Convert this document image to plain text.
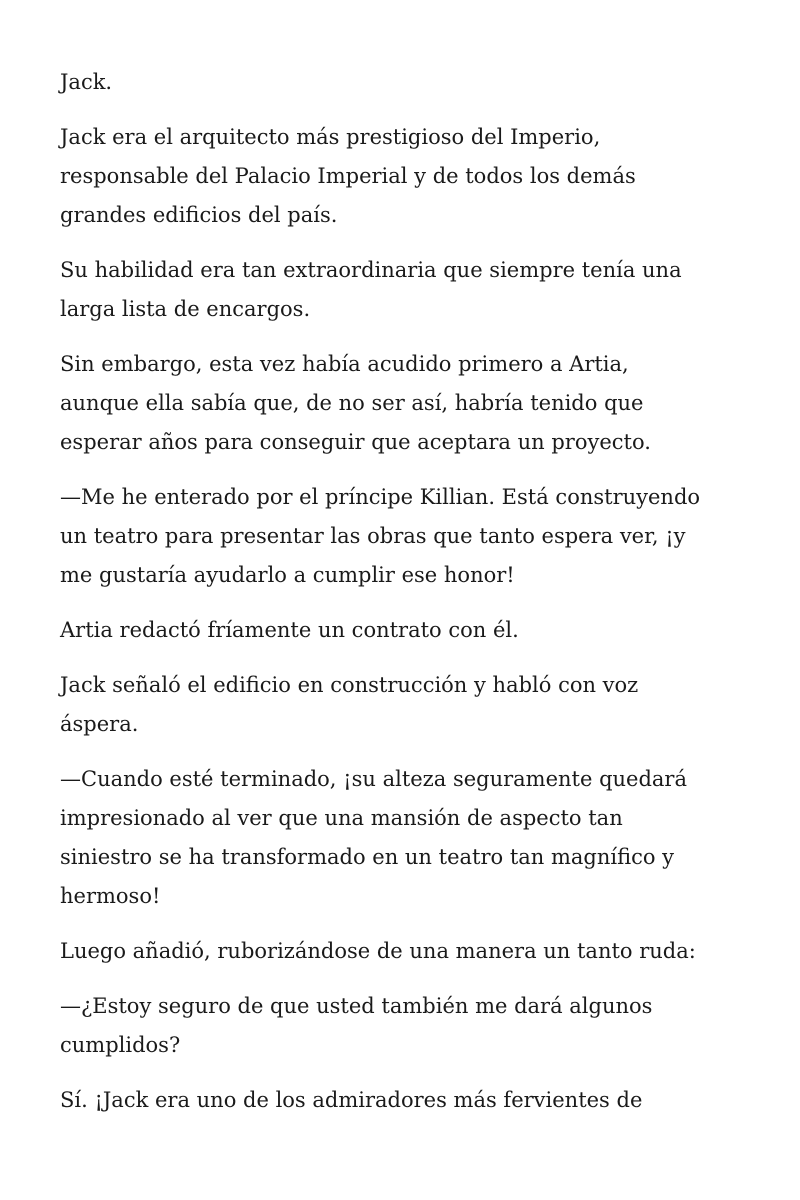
Jack.

Jack era el arquitecto más prestigioso del Imperio,
responsable del Palacio Imperial y de todos los demás
grandes edificios del país.

Su habilidad era tan extraordinaria que siempre tenía una
larga lista de encargos.

Sin embargo, esta vez había acudido primero a Artia,
aunque ella sabía que, de no ser así, habría tenido que
esperar años para conseguir que aceptara un proyecto.

—Me he enterado por el príncipe Killian. Está construyendo
un teatro para presentar las obras que tanto espera ver, ¡y
me gustaría ayudarlo a cumplir ese honor!

Artia redactó fríamente un contrato con él.

Jack señaló el edificio en construcción y habló con voz
áspera.

—Cuando esté terminado, ¡su alteza seguramente quedará
impresionado al ver que una mansión de aspecto tan
siniestro se ha transformado en un teatro tan magnífico y
hermoso!

Luego añadió, ruborizándose de una manera un tanto ruda:

—¿Estoy seguro de que usted también me dará algunos
cumplidos?

Sí. ¡Jack era uno de los admiradores más fervientes de
